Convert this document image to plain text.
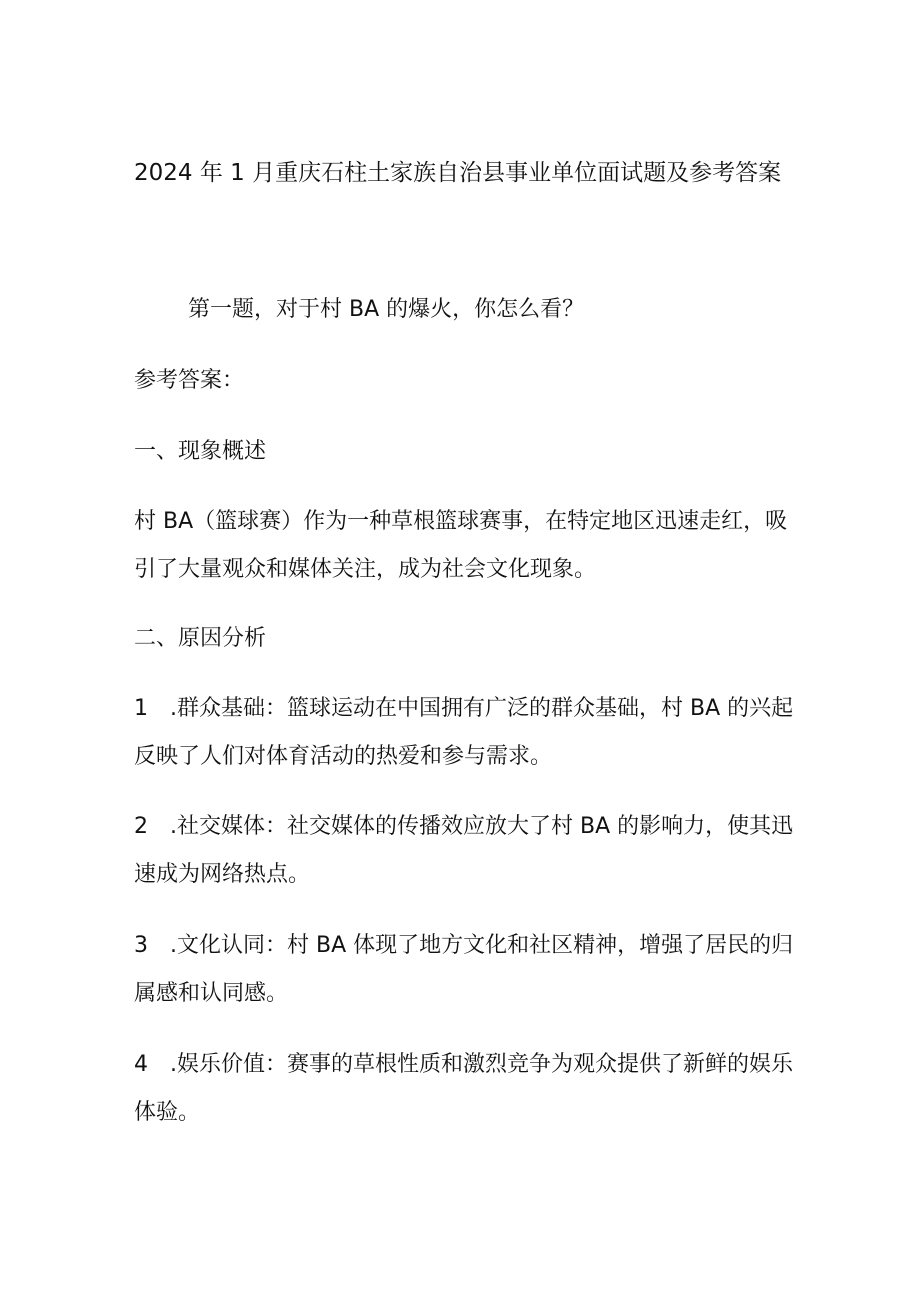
2024 年 1 月重庆石柱土家族自治县事业单位面试题及参考答案
第一题，对于村 BA 的爆火，你怎么看？
参考答案：
一、现象概述
村 BA（篮球赛）作为一种草根篮球赛事，在特定地区迅速走红，吸
引了大量观众和媒体关注，成为社会文化现象。
二、原因分析
1　.群众基础：篮球运动在中国拥有广泛的群众基础，村 BA 的兴起
反映了人们对体育活动的热爱和参与需求。
2　.社交媒体：社交媒体的传播效应放大了村 BA 的影响力，使其迅
速成为网络热点。
3　.文化认同：村 BA 体现了地方文化和社区精神，增强了居民的归
属感和认同感。
4　.娱乐价值：赛事的草根性质和激烈竞争为观众提供了新鲜的娱乐
体验。
